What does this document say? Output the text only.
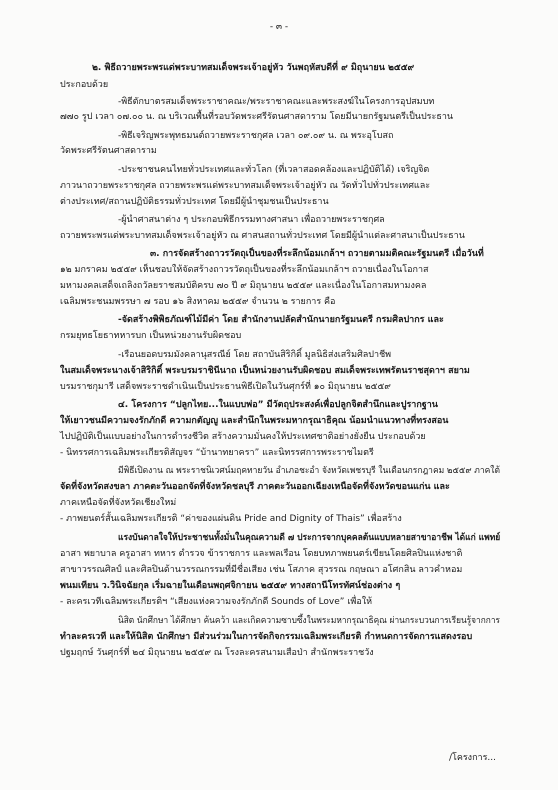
- ๓ -
๒. พิธีถวายพระพรแด่พระบาทสมเด็จพระเจ้าอยู่หัว วันพฤหัสบดีที่ ๙ มิถุนายน ๒๕๕๙
ประกอบด้วย
-พิธีตักบาตรสมเด็จพระราชาคณะ/พระราชาคณะและพระสงฆ์ในโครงการอุปสมบท
๗๗๐ รูป เวลา ๐๗.๐๐ น. ณ บริเวณพื้นที่รอบวัดพระศรีรัตนศาสดาราม โดยมีนายกรัฐมนตรีเป็นประธาน
-พิธีเจริญพระพุทธมนต์ถวายพระราชกุศล เวลา ๐๙.๐๙ น. ณ พระอุโบสถ
วัดพระศรีรัตนศาสดาราม
-ประชาชนคนไทยทั่วประเทศและทั่วโลก (ที่เวลาสอดคล้องและปฏิบัติได้) เจริญจิต
ภาวนาถวายพระราชกุศล ถวายพระพรแด่พระบาทสมเด็จพระเจ้าอยู่หัว ณ วัดทั่วไปทั่วประเทศและ
ต่างประเทศ/สถานปฏิบัติธรรมทั่วประเทศ โดยมีผู้นำชุมชนเป็นประธาน
-ผู้นำศาสนาต่าง ๆ ประกอบพิธีกรรมทางศาสนา เพื่อถวายพระราชกุศล
ถวายพระพรแด่พระบาทสมเด็จพระเจ้าอยู่หัว ณ ศาสนสถานทั่วประเทศ โดยมีผู้นำแต่ละศาสนาเป็นประธาน
๓. การจัดสร้างถาวรวัตถุเป็นของที่ระลึกน้อมเกล้าฯ ถวายตามมติคณะรัฐมนตรี เมื่อวันที่
๑๒ มกราคม ๒๕๕๙ เห็นชอบให้จัดสร้างถาวรวัตถุเป็นของที่ระลึกน้อมเกล้าฯ ถวายเนื่องในโอกาส
มหามงคลเสด็จเถลิงถวัลยราชสมบัติครบ ๗๐ ปี ๙ มิถุนายน ๒๕๕๙ และเนื่องในโอกาสมหามงคล
เฉลิมพระชนมพรรษา ๗ รอบ ๑๖ สิงหาคม ๒๕๕๙ จำนวน ๒ รายการ คือ
-จัดสร้างพิพิธภัณฑ์ไม้มีค่า โดย สำนักงานปลัดสำนักนายกรัฐมนตรี กรมศิลปากร และ
กรมยุทธโยธาทหารบก เป็นหน่วยงานรับผิดชอบ
-เรือนยอดบรมมังคลานุสรณีย์ โดย สถาบันสิริกิติ์ มูลนิธิส่งเสริมศิลปาชีพ
ในสมเด็จพระนางเจ้าสิริกิติ์ พระบรมราชินีนาถ เป็นหน่วยงานรับผิดชอบ สมเด็จพระเทพรัตนราชสุดาฯ สยาม
บรมราชกุมารี เสด็จพระราชดำเนินเป็นประธานพิธีเปิดในวันศุกร์ที่ ๑๐ มิถุนายน ๒๕๕๙
๔. โครงการ “ปลูกไทย...ในแบบพ่อ” มีวัตถุประสงค์เพื่อปลูกจิตสำนึกและปูรากฐาน
ให้เยาวชนมีความจงรักภักดี ความกตัญญู และสำนึกในพระมหากรุณาธิคุณ น้อมนำแนวทางที่ทรงสอน
ไปปฏิบัติเป็นแบบอย่างในการดำรงชีวิต สร้างความมั่นคงให้ประเทศชาติอย่างยั่งยืน ประกอบด้วย
- นิทรรศการเฉลิมพระเกียรติสัญจร “บ้านาทยาครา” และนิทรรศการพระราชไมตรี
มีพิธีเปิดงาน ณ พระราชนิเวศน์มฤคทายวัน อำเภอชะอำ จังหวัดเพชรบุรี ในเดือนกรกฎาคม ๒๕๕๙ ภาคใต้
จัดที่จังหวัดสงขลา ภาคตะวันออกจัดที่จังหวัดชลบุรี ภาคตะวันออกเฉียงเหนือจัดที่จังหวัดขอนแก่น และ
ภาคเหนือจัดที่จังหวัดเชียงใหม่
- ภาพยนตร์สั้นเฉลิมพระเกียรติ “ค่าของแผ่นดิน Pride and Dignity of Thais” เพื่อสร้าง
แรงบันดาลใจให้ประชาชนทั้งมั่นในคุณความดี ๗ ประการจากบุคคลต้นแบบหลายสาขาอาชีพ ได้แก่ แพทย์
อาสา พยาบาล ครูอาสา ทหาร ตำรวจ ข้าราชการ และพลเรือน โดยบทภาพยนตร์เขียนโดยศิลปินแห่งชาติ
สาขาวรรณศิลป์ และศิลปินด้านวรรณกรรมที่มีชื่อเสียง เช่น โสภาค สุวรรณ กฤษณา อโศกสิน ลาวคำหอม
พนมเทียน ว.วินิจฉัยกุล เริ่มฉายในเดือนพฤศจิกายน ๒๕๕๙ ทางสถานีโทรทัศน์ช่องต่าง ๆ
- ละครเวทีเฉลิมพระเกียรติฯ “เสียงแห่งความจงรักภักดี Sounds of Love” เพื่อให้
นิสิต นักศึกษา ได้ศึกษา ค้นคว้า และเกิดความซาบซึ้งในพระมหากรุณาธิคุณ ผ่านกระบวนการเรียนรู้จากการ
ทำละครเวที และให้นิสิต นักศึกษา มีส่วนร่วมในการจัดกิจกรรมเฉลิมพระเกียรติ กำหนดการจัดการแสดงรอบ
ปฐมฤกษ์ วันศุกร์ที่ ๒๔ มิถุนายน ๒๕๕๙ ณ โรงละครสนามเสือป่า สำนักพระราชวัง
/โครงการ...
